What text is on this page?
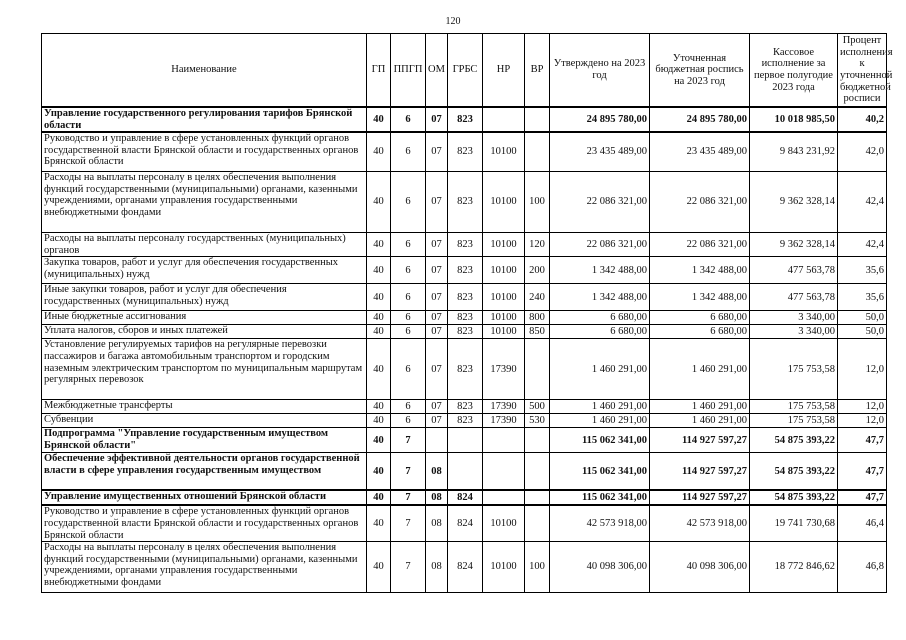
120
Наименование	ГП	ППГП	ОМ	ГРБС	НР	ВР	Утверждено на 2023 год	Уточненная бюджетная роспись на 2023 год	Кассовое исполнение за первое полугодие 2023 года	Процент исполнения к уточненной бюджетной росписи
Управление государственного регулирования тарифов Брянской области	40	6	07	823			24 895 780,00	24 895 780,00	10 018 985,50	40,2
Руководство и управление в сфере установленных функций органов государственной власти Брянской области и государственных органов Брянской области	40	6	07	823	10100		23 435 489,00	23 435 489,00	9 843 231,92	42,0
Расходы на выплаты персоналу в целях обеспечения выполнения функций государственными (муниципальными) органами, казенными учреждениями, органами управления государственными внебюджетными фондами	40	6	07	823	10100	100	22 086 321,00	22 086 321,00	9 362 328,14	42,4
Расходы на выплаты персоналу государственных (муниципальных) органов	40	6	07	823	10100	120	22 086 321,00	22 086 321,00	9 362 328,14	42,4
Закупка товаров, работ и услуг для обеспечения государственных (муниципальных) нужд	40	6	07	823	10100	200	1 342 488,00	1 342 488,00	477 563,78	35,6
Иные закупки товаров, работ и услуг для обеспечения государственных (муниципальных) нужд	40	6	07	823	10100	240	1 342 488,00	1 342 488,00	477 563,78	35,6
Иные бюджетные ассигнования	40	6	07	823	10100	800	6 680,00	6 680,00	3 340,00	50,0
Уплата налогов, сборов и иных платежей	40	6	07	823	10100	850	6 680,00	6 680,00	3 340,00	50,0
Установление регулируемых тарифов на регулярные перевозки пассажиров и багажа автомобильным транспортом и городским наземным электрическим транспортом по муниципальным маршрутам регулярных перевозок	40	6	07	823	17390		1 460 291,00	1 460 291,00	175 753,58	12,0
Межбюджетные трансферты	40	6	07	823	17390	500	1 460 291,00	1 460 291,00	175 753,58	12,0
Субвенции	40	6	07	823	17390	530	1 460 291,00	1 460 291,00	175 753,58	12,0
Подпрограмма "Управление государственным имуществом Брянской области"	40	7					115 062 341,00	114 927 597,27	54 875 393,22	47,7
Обеспечение эффективной деятельности органов государственной власти в сфере управления государственным имуществом	40	7	08				115 062 341,00	114 927 597,27	54 875 393,22	47,7
Управление имущественных отношений Брянской области	40	7	08	824			115 062 341,00	114 927 597,27	54 875 393,22	47,7
Руководство и управление в сфере установленных функций органов государственной власти Брянской области и государственных органов Брянской области	40	7	08	824	10100		42 573 918,00	42 573 918,00	19 741 730,68	46,4
Расходы на выплаты персоналу в целях обеспечения выполнения функций государственными (муниципальными) органами, казенными учреждениями, органами управления государственными внебюджетными фондами	40	7	08	824	10100	100	40 098 306,00	40 098 306,00	18 772 846,62	46,8
